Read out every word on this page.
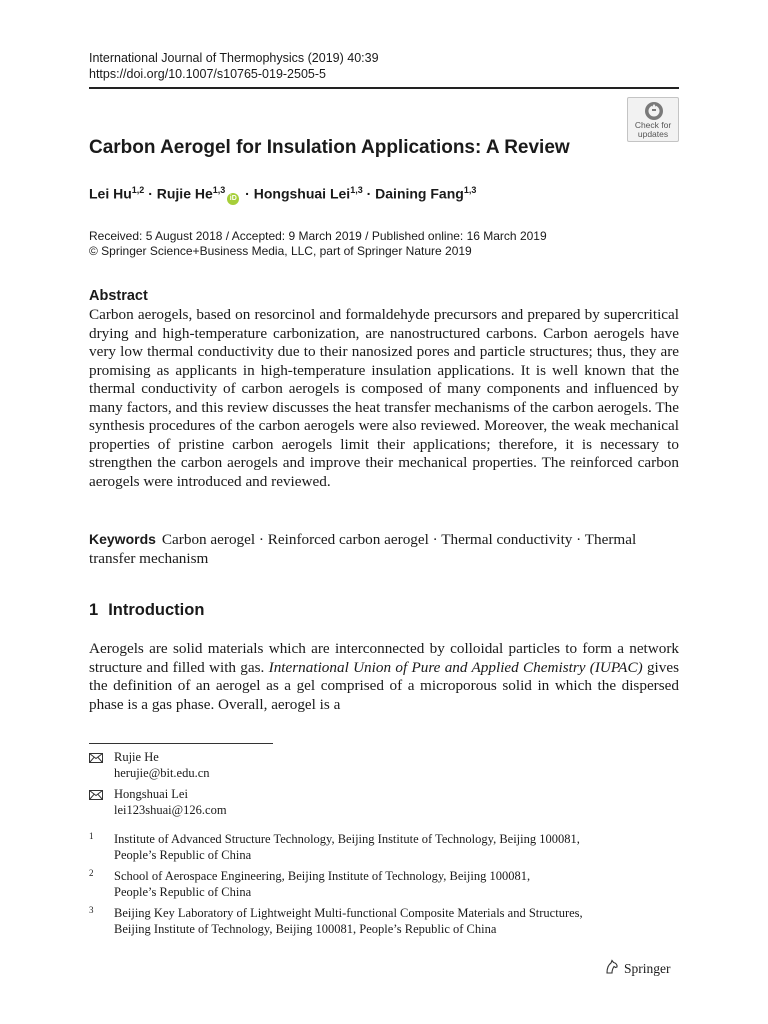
International Journal of Thermophysics (2019) 40:39
https://doi.org/10.1007/s10765-019-2505-5
Check for
updates
Carbon Aerogel for Insulation Applications: A Review
Lei Hu$^{1,2}$ · Rujie He$^{1,3}$iD · Hongshuai Lei$^{1,3}$ · Daining Fang$^{1,3}$
Received: 5 August 2018 / Accepted: 9 March 2019 / Published online: 16 March 2019
© Springer Science+Business Media, LLC, part of Springer Nature 2019
Abstract
Carbon aerogels, based on resorcinol and formaldehyde precursors and prepared by supercritical drying and high-temperature carbonization, are nanostructured carbons. Carbon aerogels have very low thermal conductivity due to their nanosized pores and particle structures; thus, they are promising as applicants in high-temperature insulation applications. It is well known that the thermal conductivity of carbon aerogels is composed of many components and influenced by many factors, and this review discusses the heat transfer mechanisms of the carbon aerogels. The synthesis procedures of the carbon aerogels were also reviewed. Moreover, the weak mechanical properties of pristine carbon aerogels limit their applications; therefore, it is necessary to strengthen the carbon aerogels and improve their mechanical properties. The reinforced carbon aerogels were introduced and reviewed.
Keywords Carbon aerogel · Reinforced carbon aerogel · Thermal conductivity · Thermal transfer mechanism
1 Introduction
Aerogels are solid materials which are interconnected by colloidal particles to form a network structure and filled with gas. International Union of Pure and Applied Chemistry (IUPAC) gives the definition of an aerogel as a gel comprised of a microporous solid in which the dispersed phase is a gas phase. Overall, aerogel is a
Rujie He
herujie@bit.edu.cn
Hongshuai Lei
lei123shuai@126.com
1 Institute of Advanced Structure Technology, Beijing Institute of Technology, Beijing 100081,
People’s Republic of China
2 School of Aerospace Engineering, Beijing Institute of Technology, Beijing 100081,
People’s Republic of China
3 Beijing Key Laboratory of Lightweight Multi-functional Composite Materials and Structures,
Beijing Institute of Technology, Beijing 100081, People’s Republic of China
Springer
